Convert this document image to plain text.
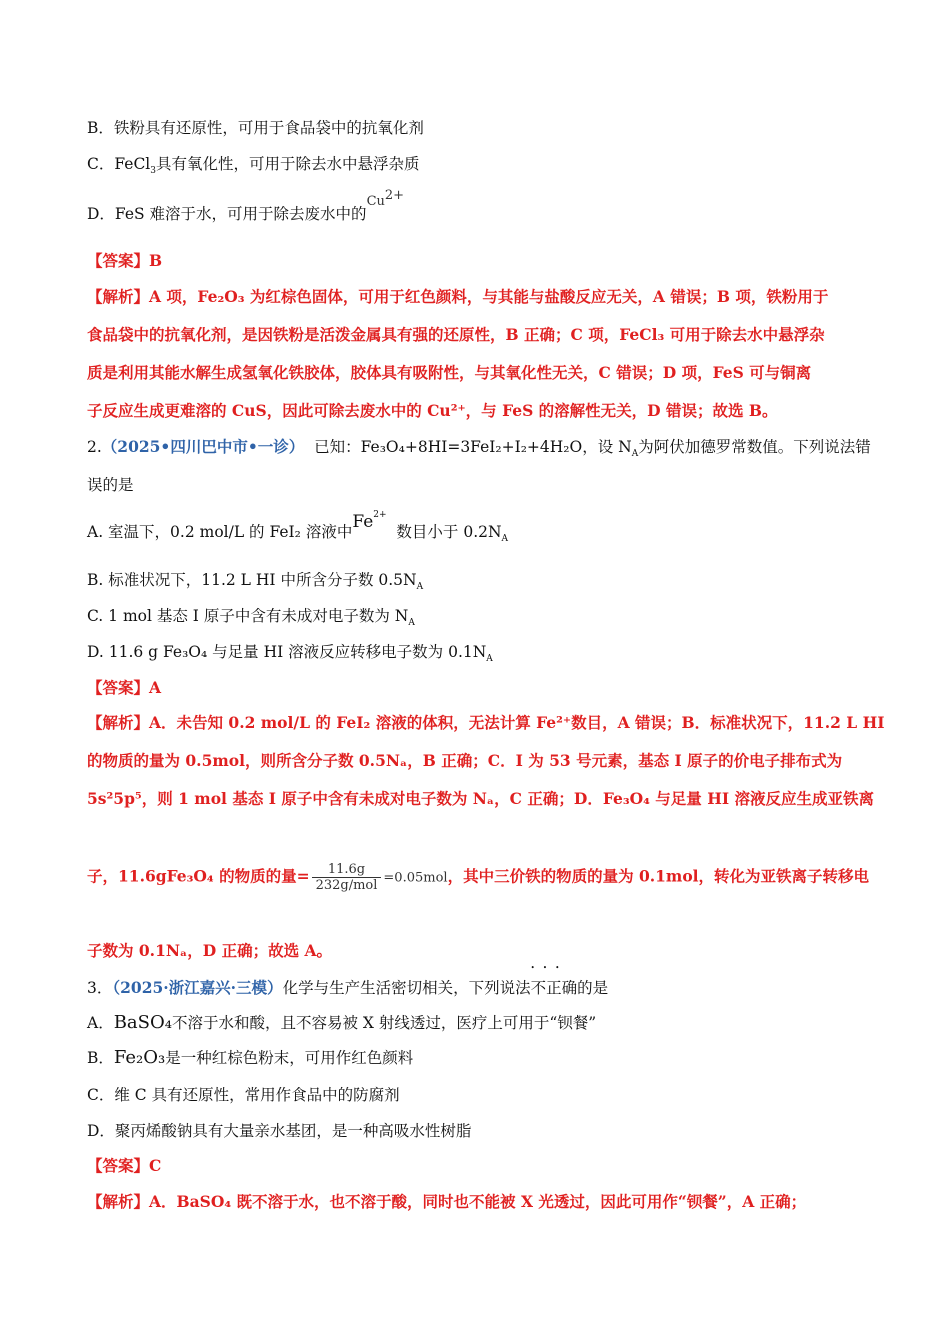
B．铁粉具有还原性，可用于食品袋中的抗氧化剂
C．FeCl$_3$具有氧化性，可用于除去水中悬浮杂质
D．FeS 难溶于水，可用于除去废水中的$^{Cu2+}$
【答案】B
【解析】A 项，Fe₂O₃ 为红棕色固体，可用于红色颜料，与其能与盐酸反应无关，A 错误；B 项，铁粉用于
食品袋中的抗氧化剂，是因铁粉是活泼金属具有强的还原性，B 正确；C 项，FeCl₃ 可用于除去水中悬浮杂
质是利用其能水解生成氢氧化铁胶体，胶体具有吸附性，与其氧化性无关，C 错误；D 项，FeS 可与铜离
子反应生成更难溶的 CuS，因此可除去废水中的 Cu²⁺，与 FeS 的溶解性无关，D 错误；故选 B。
2.（2025•四川巴中市•一诊） 已知：Fe₃O₄+8HI=3FeI₂+I₂+4H₂O，设 $N_A$为阿伏加德罗常数值。下列说法错
误的是
A. 室温下，0.2 mol/L 的 FeI₂ 溶液中$Fe^{2+}$  数目小于 $0.2N_A$
B. 标准状况下，11.2 L HI 中所含分子数 $0.5N_A$
C. 1 mol 基态 I 原子中含有未成对电子数为 $N_A$
D. 11.6 g Fe₃O₄ 与足量 HI 溶液反应转移电子数为 $0.1N_A$
【答案】A
【解析】A．未告知 0.2 mol/L 的 FeI₂ 溶液的体积，无法计算 Fe²⁺数目，A 错误；B．标准状况下，11.2 L HI
的物质的量为 0.5mol，则所含分子数 0.5Nₐ，B 正确；C．I 为 53 号元素，基态 I 原子的价电子排布式为
5s²5p⁵，则 1 mol 基态 I 原子中含有未成对电子数为 Nₐ，C 正确；D．Fe₃O₄ 与足量 HI 溶液反应生成亚铁离
子，11.6gFe₃O₄ 的物质的量= $\frac{11.6g}{\text{232g/mol}} =0.05mol$，其中三价铁的物质的量为 0.1mol，转化为亚铁离子转移电
子数为 0.1Nₐ，D 正确；故选 A。
3．（2025·浙江嘉兴·三模）化学与生产生活密切相关，下列说法• • • 不正确的是
A．BaSO₄不溶于水和酸，且不容易被 X 射线透过，医疗上可用于“钡餐”
B．Fe₂O₃是一种红棕色粉末，可用作红色颜料
C．维 C 具有还原性，常用作食品中的防腐剂
D．聚丙烯酸钠具有大量亲水基团，是一种高吸水性树脂
【答案】C
【解析】A．BaSO₄ 既不溶于水，也不溶于酸，同时也不能被 X 光透过，因此可用作“钡餐”，A 正确；
